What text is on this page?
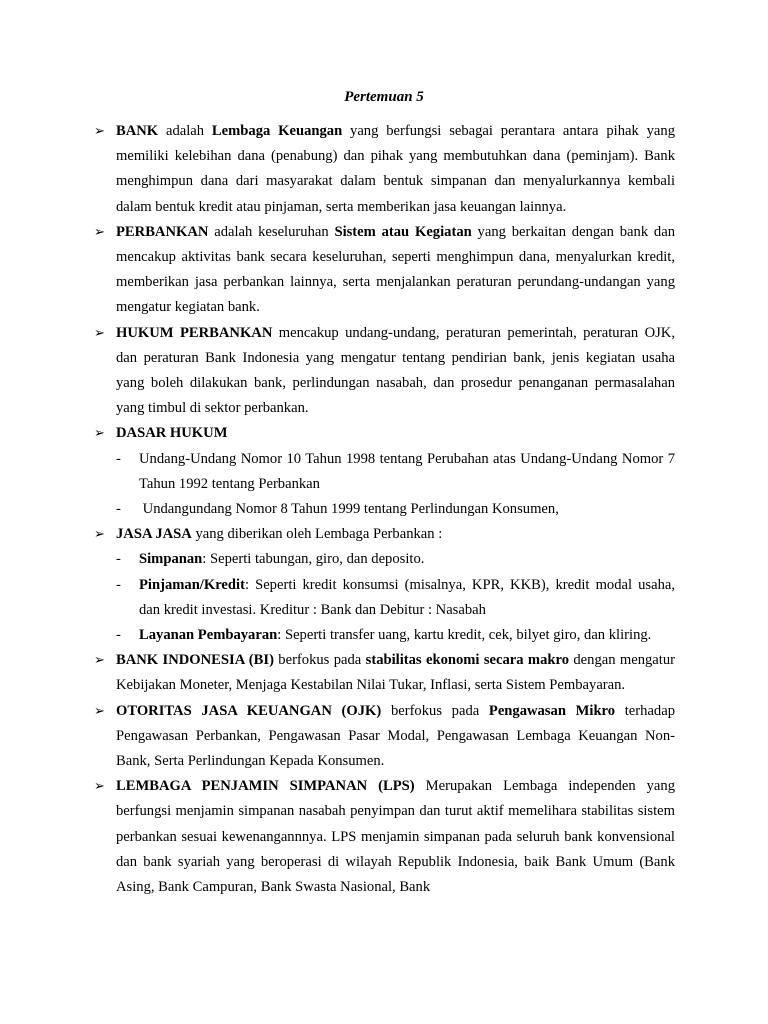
Pertemuan 5
➢ BANK adalah Lembaga Keuangan yang berfungsi sebagai perantara antara pihak yang memiliki kelebihan dana (penabung) dan pihak yang membutuhkan dana (peminjam). Bank menghimpun dana dari masyarakat dalam bentuk simpanan dan menyalurkannya kembali dalam bentuk kredit atau pinjaman, serta memberikan jasa keuangan lainnya.
➢ PERBANKAN adalah keseluruhan Sistem atau Kegiatan yang berkaitan dengan bank dan mencakup aktivitas bank secara keseluruhan, seperti menghimpun dana, menyalurkan kredit, memberikan jasa perbankan lainnya, serta menjalankan peraturan perundang-undangan yang mengatur kegiatan bank.
➢ HUKUM PERBANKAN mencakup undang-undang, peraturan pemerintah, peraturan OJK, dan peraturan Bank Indonesia yang mengatur tentang pendirian bank, jenis kegiatan usaha yang boleh dilakukan bank, perlindungan nasabah, dan prosedur penanganan permasalahan yang timbul di sektor perbankan.
➢ DASAR HUKUM
- Undang-Undang Nomor 10 Tahun 1998 tentang Perubahan atas Undang-Undang Nomor 7 Tahun 1992 tentang Perbankan
- Undangundang Nomor 8 Tahun 1999 tentang Perlindungan Konsumen,
➢ JASA JASA yang diberikan oleh Lembaga Perbankan :
- Simpanan: Seperti tabungan, giro, dan deposito.
- Pinjaman/Kredit: Seperti kredit konsumsi (misalnya, KPR, KKB), kredit modal usaha, dan kredit investasi. Kreditur : Bank dan Debitur : Nasabah
- Layanan Pembayaran: Seperti transfer uang, kartu kredit, cek, bilyet giro, dan kliring.
➢ BANK INDONESIA (BI) berfokus pada stabilitas ekonomi secara makro dengan mengatur Kebijakan Moneter, Menjaga Kestabilan Nilai Tukar, Inflasi, serta Sistem Pembayaran.
➢ OTORITAS JASA KEUANGAN (OJK) berfokus pada Pengawasan Mikro terhadap Pengawasan Perbankan, Pengawasan Pasar Modal, Pengawasan Lembaga Keuangan Non-Bank, Serta Perlindungan Kepada Konsumen.
➢ LEMBAGA PENJAMIN SIMPANAN (LPS) Merupakan Lembaga independen yang berfungsi menjamin simpanan nasabah penyimpan dan turut aktif memelihara stabilitas sistem perbankan sesuai kewenangannnya. LPS menjamin simpanan pada seluruh bank konvensional dan bank syariah yang beroperasi di wilayah Republik Indonesia, baik Bank Umum (Bank Asing, Bank Campuran, Bank Swasta Nasional, Bank
